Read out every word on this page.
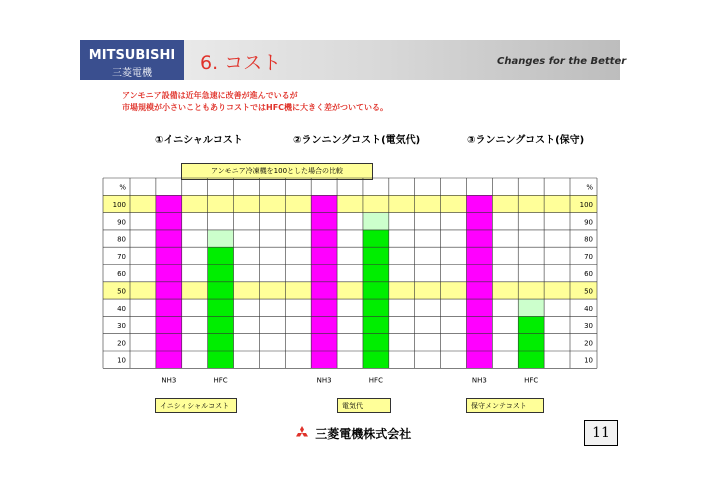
MITSUBISHI
三菱電機	6. コスト	Changes for the Better
アンモニア設備は近年急速に改善が進んでいるが
市場規模が小さいこともありコストではHFC機に大きく差がついている。
①イニシャルコスト	②ランニングコスト(電気代)	③ランニングコスト(保守)
アンモニア冷凍機を100とした場合の比較
%	%
100	100
90	90
80	80
70	70
60	60
50	50
40	40
30	30
20	20
10	10
NH3	HFC	NH3	HFC	NH3	HFC
イニシィシャルコスト	電気代	保守メンテコスト
三菱電機株式会社	11
